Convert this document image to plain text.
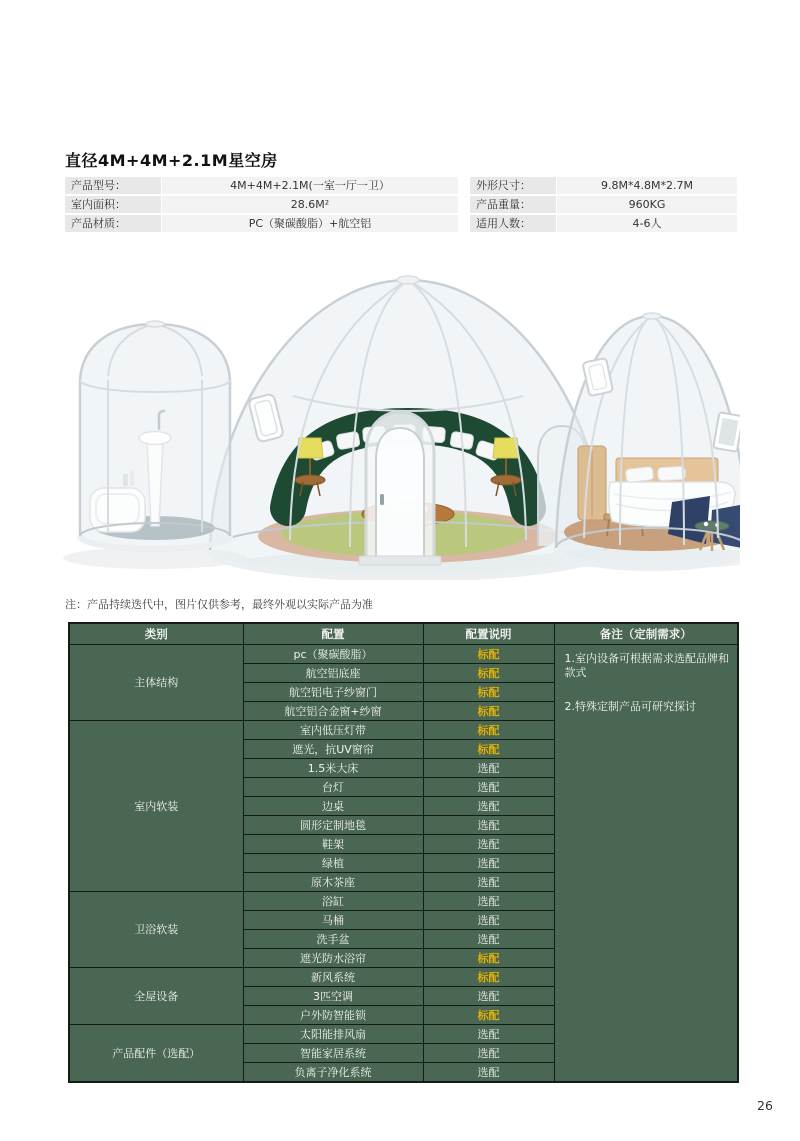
直径4M+4M+2.1M星空房
产品型号：	4M+4M+2.1M(一室一厅一卫）
室内面积：	28.6M²
产品材质：	PC（聚碳酸脂）+航空铝
外形尺寸：	9.8M*4.8M*2.7M
产品重量：	960KG
适用人数：	4-6人
注：产品持续迭代中，图片仅供参考，最终外观以实际产品为准
类别	配置	配置说明	备注（定制需求）
主体结构	pc（聚碳酸脂）	标配	1.室内设备可根据需求选配品牌和款式
2.特殊定制产品可研究探讨

	航空铝底座	标配	
	航空铝电子纱窗门	标配	
	航空铝合金窗+纱窗	标配	
室内软装	室内低压灯带	标配	
	遮光，抗UV窗帘	标配	
	1.5米大床	选配	
	台灯	选配	
	边桌	选配	
	圆形定制地毯	选配	
	鞋架	选配	
	绿植	选配	
	原木茶座	选配	
卫浴软装	浴缸	选配	
	马桶	选配	
	洗手盆	选配	
	遮光防水浴帘	标配	
全屋设备	新风系统	标配	
	3匹空调	选配	
	户外防智能锁	标配	
产品配件（选配）	太阳能排风扇	选配	
	智能家居系统	选配	
	负离子净化系统	选配	
26
